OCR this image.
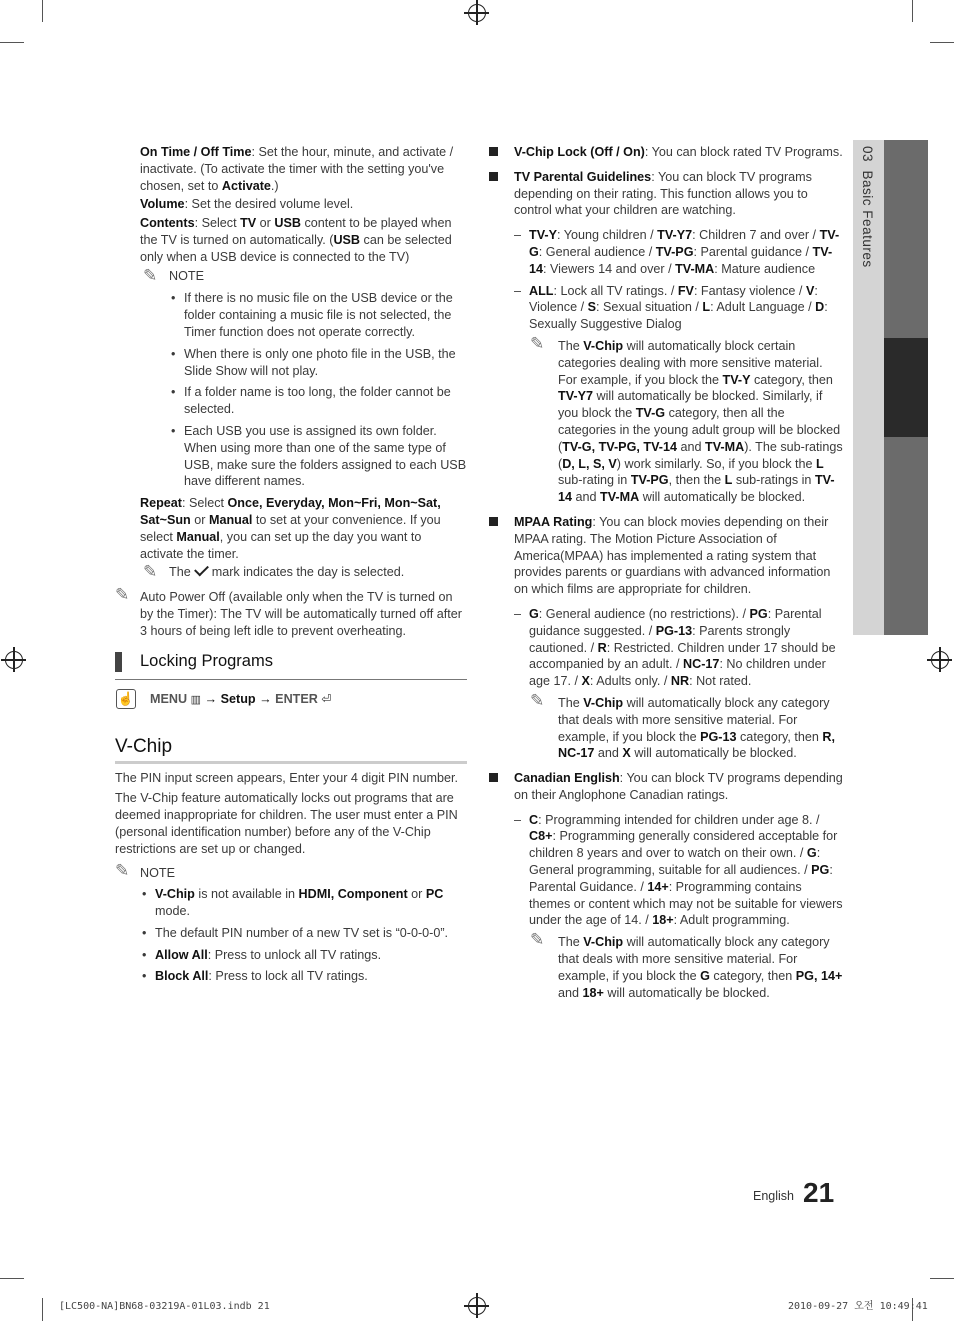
On Time / Off Time: Set the hour, minute, and activate / inactivate. (To activate the timer with the setting you've chosen, set to Activate.)

Volume: Set the desired volume level.

Contents: Select TV or USB content to be played when the TV is turned on automatically. (USB can be selected only when a USB device is connected to the TV)

✎ NOTE
• If there is no music file on the USB device or the folder containing a music file is not selected, the Timer function does not operate correctly.
• When there is only one photo file in the USB, the Slide Show will not play.
• If a folder name is too long, the folder cannot be selected.
• Each USB you use is assigned its own folder. When using more than one of the same type of USB, make sure the folders assigned to each USB have different names.

Repeat: Select Once, Everyday, Mon~Fri, Mon~Sat, Sat~Sun or Manual to set at your convenience. If you select Manual, you can set up the day you want to activate the timer.

✎ The mark indicates the day is selected.
✎ Auto Power Off (available only when the TV is turned on by the Timer): The TV will be automatically turned off after 3 hours of being left idle to prevent overheating.
Locking Programs
☝ MENU ▥ → Setup → ENTER ⏎
V-Chip

The PIN input screen appears, Enter your 4 digit PIN number.

The V-Chip feature automatically locks out programs that are deemed inappropriate for children. The user must enter a PIN (personal identification number) before any of the V-Chip restrictions are set up or changed.

✎ NOTE
• V-Chip is not available in HDMI, Component or PC mode.
• The default PIN number of a new TV set is “0-0-0-0”.
• Allow All: Press to unlock all TV ratings.
• Block All: Press to lock all TV ratings.
V-Chip Lock (Off / On): You can block rated TV Programs.
TV Parental Guidelines: You can block TV programs depending on their rating. This function allows you to control what your children are watching.
– TV-Y: Young children / TV-Y7: Children 7 and over / TV-G: General audience / TV-PG: Parental guidance / TV-14: Viewers 14 and over / TV-MA: Mature audience
– ALL: Lock all TV ratings. / FV: Fantasy violence / V: Violence / S: Sexual situation / L: Adult Language / D: Sexually Suggestive Dialog
✎ The V-Chip will automatically block certain categories dealing with more sensitive material. For example, if you block the TV-Y category, then TV-Y7 will automatically be blocked. Similarly, if you block the TV-G category, then all the categories in the young adult group will be blocked (TV-G, TV-PG, TV-14 and TV-MA). The sub-ratings (D, L, S, V) work similarly. So, if you block the L sub-rating in TV-PG, then the L sub-ratings in TV-14 and TV-MA will automatically be blocked.
MPAA Rating: You can block movies depending on their MPAA rating. The Motion Picture Association of America(MPAA) has implemented a rating system that provides parents or guardians with advanced information on which films are appropriate for children.
– G: General audience (no restrictions). / PG: Parental guidance suggested. / PG-13: Parents strongly cautioned. / R: Restricted. Children under 17 should be accompanied by an adult. / NC-17: No children under age 17. / X: Adults only. / NR: Not rated.
✎ The V-Chip will automatically block any category that deals with more sensitive material. For example, if you block the PG-13 category, then R, NC-17 and X will automatically be blocked.
Canadian English: You can block TV programs depending on their Anglophone Canadian ratings.
– C: Programming intended for children under age 8. / C8+: Programming generally considered acceptable for children 8 years and over to watch on their own. / G: General programming, suitable for all audiences. / PG: Parental Guidance. / 14+: Programming contains themes or content which may not be suitable for viewers under the age of 14. / 18+: Adult programming.
✎ The V-Chip will automatically block any category that deals with more sensitive material. For example, if you block the G category, then PG, 14+ and 18+ will automatically be blocked.
03  Basic Features
English 21
[LC500-NA]BN68-03219A-01L03.indb 21	2010-09-27 오전 10:49:41
